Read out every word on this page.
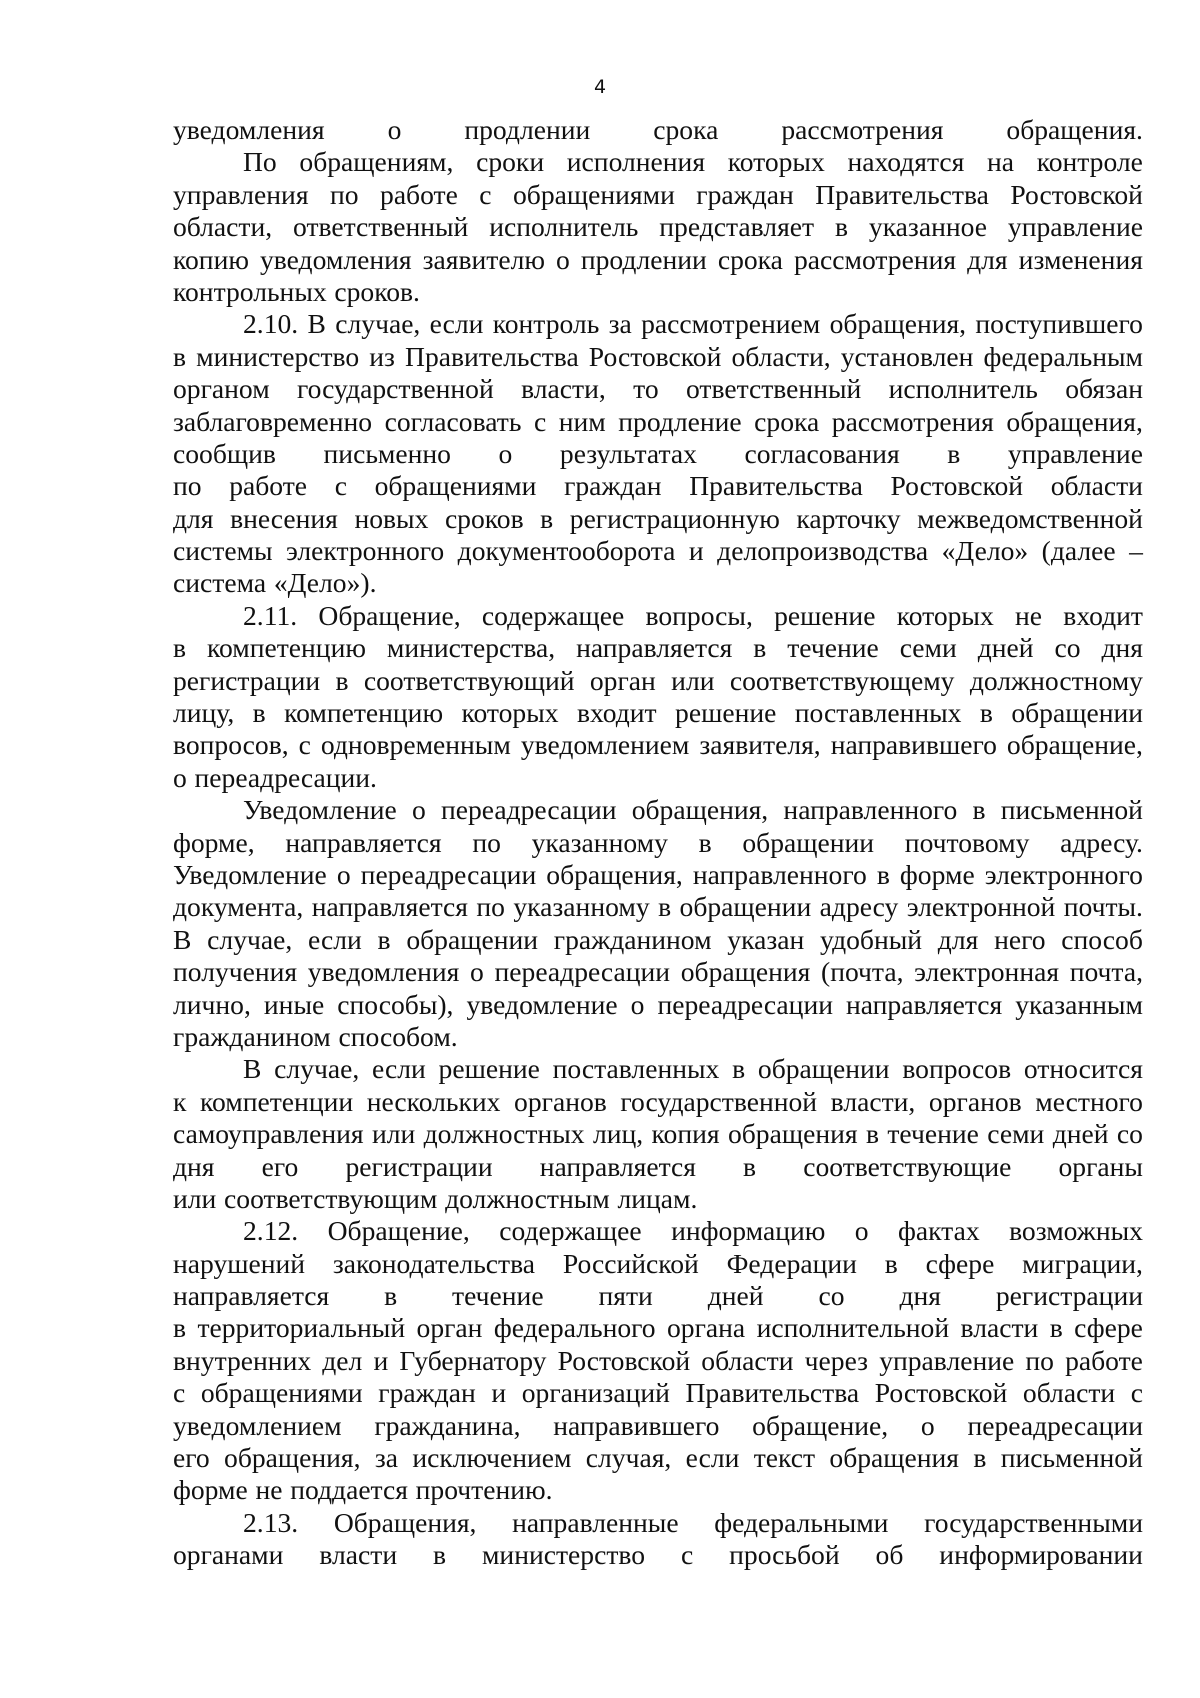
4
уведомления о продлении срока рассмотрения обращения.
По обращениям, сроки исполнения которых находятся на контроле
управления по работе с обращениями граждан Правительства Ростовской
области, ответственный исполнитель представляет в указанное управление
копию уведомления заявителю о продлении срока рассмотрения для изменения
контрольных сроков.
2.10. В случае, если контроль за рассмотрением обращения, поступившего
в министерство из Правительства Ростовской области, установлен федеральным
органом государственной власти, то ответственный исполнитель обязан
заблаговременно согласовать с ним продление срока рассмотрения обращения,
сообщив письменно о результатах согласования в управление
по работе с обращениями граждан Правительства Ростовской области
для внесения новых сроков в регистрационную карточку межведомственной
системы электронного документооборота и делопроизводства «Дело» (далее –
система «Дело»).
2.11. Обращение, содержащее вопросы, решение которых не входит
в компетенцию министерства, направляется в течение семи дней со дня
регистрации в соответствующий орган или соответствующему должностному
лицу, в компетенцию которых входит решение поставленных в обращении
вопросов, с одновременным уведомлением заявителя, направившего обращение,
о переадресации.
Уведомление о переадресации обращения, направленного в письменной
форме, направляется по указанному в обращении почтовому адресу.
Уведомление о переадресации обращения, направленного в форме электронного
документа, направляется по указанному в обращении адресу электронной почты.
В случае, если в обращении гражданином указан удобный для него способ
получения уведомления о переадресации обращения (почта, электронная почта,
лично, иные способы), уведомление о переадресации направляется указанным
гражданином способом.
В случае, если решение поставленных в обращении вопросов относится
к компетенции нескольких органов государственной власти, органов местного
самоуправления или должностных лиц, копия обращения в течение семи дней со
дня его регистрации направляется в соответствующие органы
или соответствующим должностным лицам.
2.12. Обращение, содержащее информацию о фактах возможных
нарушений законодательства Российской Федерации в сфере миграции,
направляется в течение пяти дней со дня регистрации
в территориальный орган федерального органа исполнительной власти в сфере
внутренних дел и Губернатору Ростовской области через управление по работе
с обращениями граждан и организаций Правительства Ростовской области с
уведомлением гражданина, направившего обращение, о переадресации
его обращения, за исключением случая, если текст обращения в письменной
форме не поддается прочтению.
2.13. Обращения, направленные федеральными государственными
органами власти в министерство с просьбой об информировании
